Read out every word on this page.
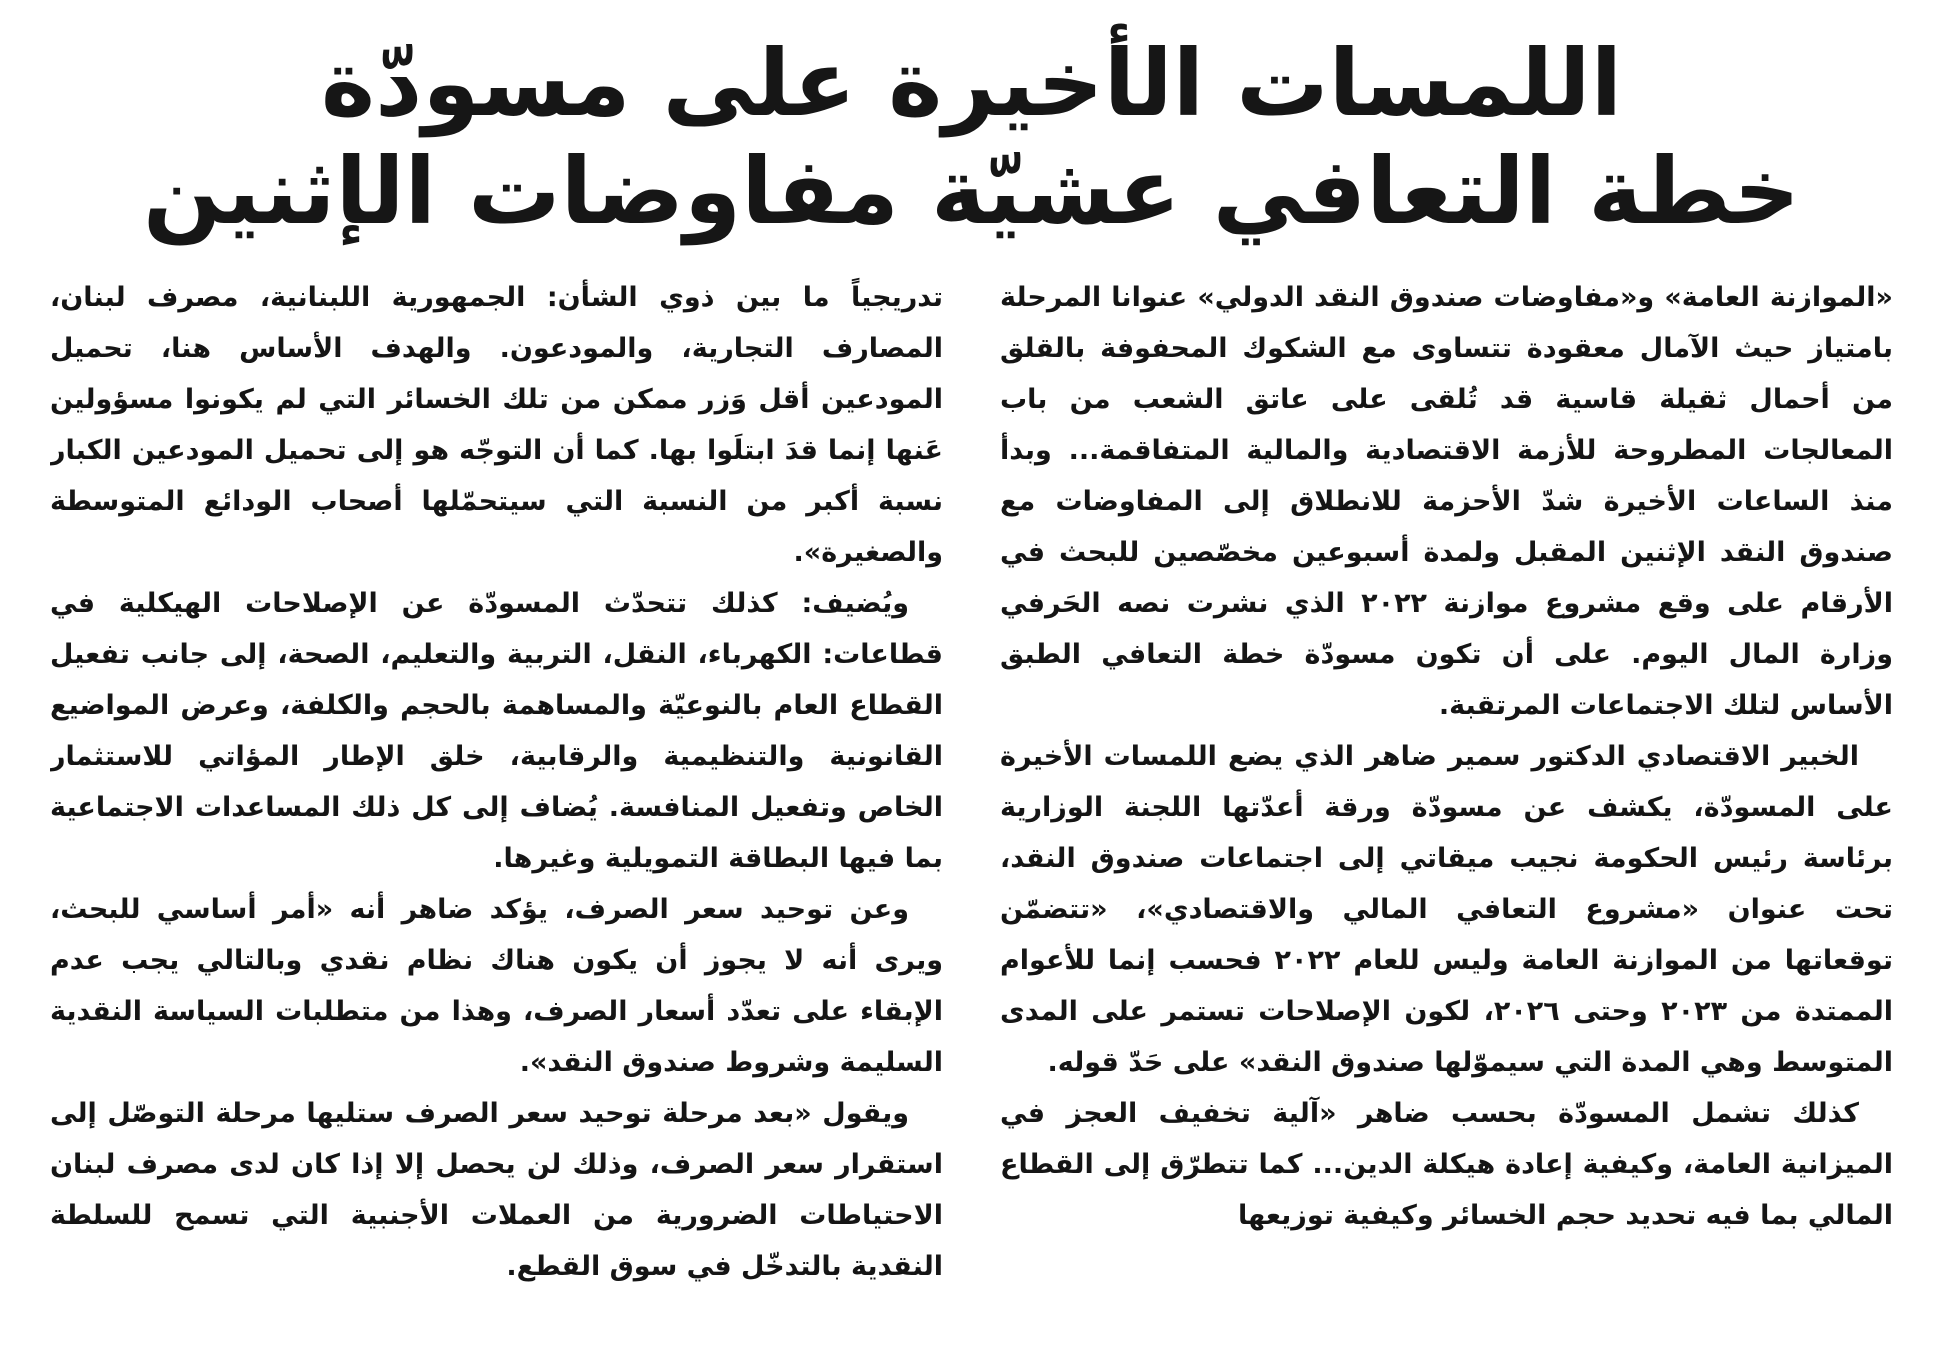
اللمسات الأخيرة على مسودّة
خطة التعافي عشيّة مفاوضات الإثنين

«الموازنة العامة» و«مفاوضات صندوق النقد الدولي» عنوانا المرحلة بامتياز حيث الآمال معقودة تتساوى مع الشكوك المحفوفة بالقلق من أحمال ثقيلة قاسية قد تُلقى على عاتق الشعب من باب المعالجات المطروحة للأزمة الاقتصادية والمالية المتفاقمة... وبدأ منذ الساعات الأخيرة شدّ الأحزمة للانطلاق إلى المفاوضات مع صندوق النقد الإثنين المقبل ولمدة أسبوعين مخصّصين للبحث في الأرقام على وقع مشروع موازنة ٢٠٢٢ الذي نشرت نصه الحَرفي وزارة المال اليوم. على أن تكون مسودّة خطة التعافي الطبق الأساس لتلك الاجتماعات المرتقبة.

الخبير الاقتصادي الدكتور سمير ضاهر الذي يضع اللمسات الأخيرة على المسودّة، يكشف عن مسودّة ورقة أعدّتها اللجنة الوزارية برئاسة رئيس الحكومة نجيب ميقاتي إلى اجتماعات صندوق النقد، تحت عنوان «مشروع التعافي المالي والاقتصادي»، «تتضمّن توقعاتها من الموازنة العامة وليس للعام ٢٠٢٢ فحسب إنما للأعوام الممتدة من ٢٠٢٣ وحتى ٢٠٢٦، لكون الإصلاحات تستمر على المدى المتوسط وهي المدة التي سيموّلها صندوق النقد» على حَدّ قوله.

كذلك تشمل المسودّة بحسب ضاهر «آلية تخفيف العجز في الميزانية العامة، وكيفية إعادة هيكلة الدين... كما تتطرّق إلى القطاع المالي بما فيه تحديد حجم الخسائر وكيفية توزيعها

تدريجياً ما بين ذوي الشأن: الجمهورية اللبنانية، مصرف لبنان، المصارف التجارية، والمودعون. والهدف الأساس هنا، تحميل المودعين أقل وَزر ممكن من تلك الخسائر التي لم يكونوا مسؤولين عَنها إنما قدَ ابتلَوا بها. كما أن التوجّه هو إلى تحميل المودعين الكبار نسبة أكبر من النسبة التي سيتحمّلها أصحاب الودائع المتوسطة والصغيرة».

ويُضيف: كذلك تتحدّث المسودّة عن الإصلاحات الهيكلية في قطاعات: الكهرباء، النقل، التربية والتعليم، الصحة، إلى جانب تفعيل القطاع العام بالنوعيّة والمساهمة بالحجم والكلفة، وعرض المواضيع القانونية والتنظيمية والرقابية، خلق الإطار المؤاتي للاستثمار الخاص وتفعيل المنافسة. يُضاف إلى كل ذلك المساعدات الاجتماعية بما فيها البطاقة التمويلية وغيرها.

وعن توحيد سعر الصرف، يؤكد ضاهر أنه «أمر أساسي للبحث، ويرى أنه لا يجوز أن يكون هناك نظام نقدي وبالتالي يجب عدم الإبقاء على تعدّد أسعار الصرف، وهذا من متطلبات السياسة النقدية السليمة وشروط صندوق النقد».

ويقول «بعد مرحلة توحيد سعر الصرف ستليها مرحلة التوصّل إلى استقرار سعر الصرف، وذلك لن يحصل إلا إذا كان لدى مصرف لبنان الاحتياطات الضرورية من العملات الأجنبية التي تسمح للسلطة النقدية بالتدخّل في سوق القطع.
